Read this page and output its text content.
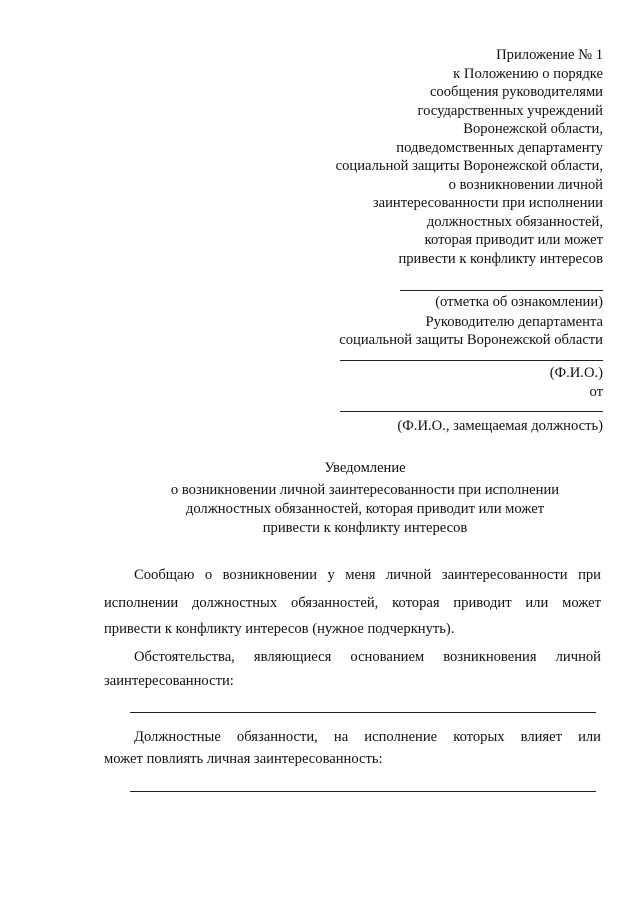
Приложение № 1
к Положению о порядке
сообщения руководителями
государственных учреждений
Воронежской области,
подведомственных департаменту
социальной защиты Воронежской области,
о возникновении личной
заинтересованности при исполнении
должностных обязанностей,
которая приводит или может
привести к конфликту интересов
(отметка об ознакомлении)
Руководителю департамента
социальной защиты Воронежской области
(Ф.И.О.)
от
(Ф.И.О., замещаемая должность)
Уведомление
о возникновении личной заинтересованности при исполнении
должностных обязанностей, которая приводит или может
привести к конфликту интересов
Сообщаю о возникновении у меня личной заинтересованности при
исполнении должностных обязанностей, которая приводит или может
привести к конфликту интересов (нужное подчеркнуть).
Обстоятельства, являющиеся основанием возникновения личной
заинтересованности:
Должностные обязанности, на исполнение которых влияет или
может повлиять личная заинтересованность:
